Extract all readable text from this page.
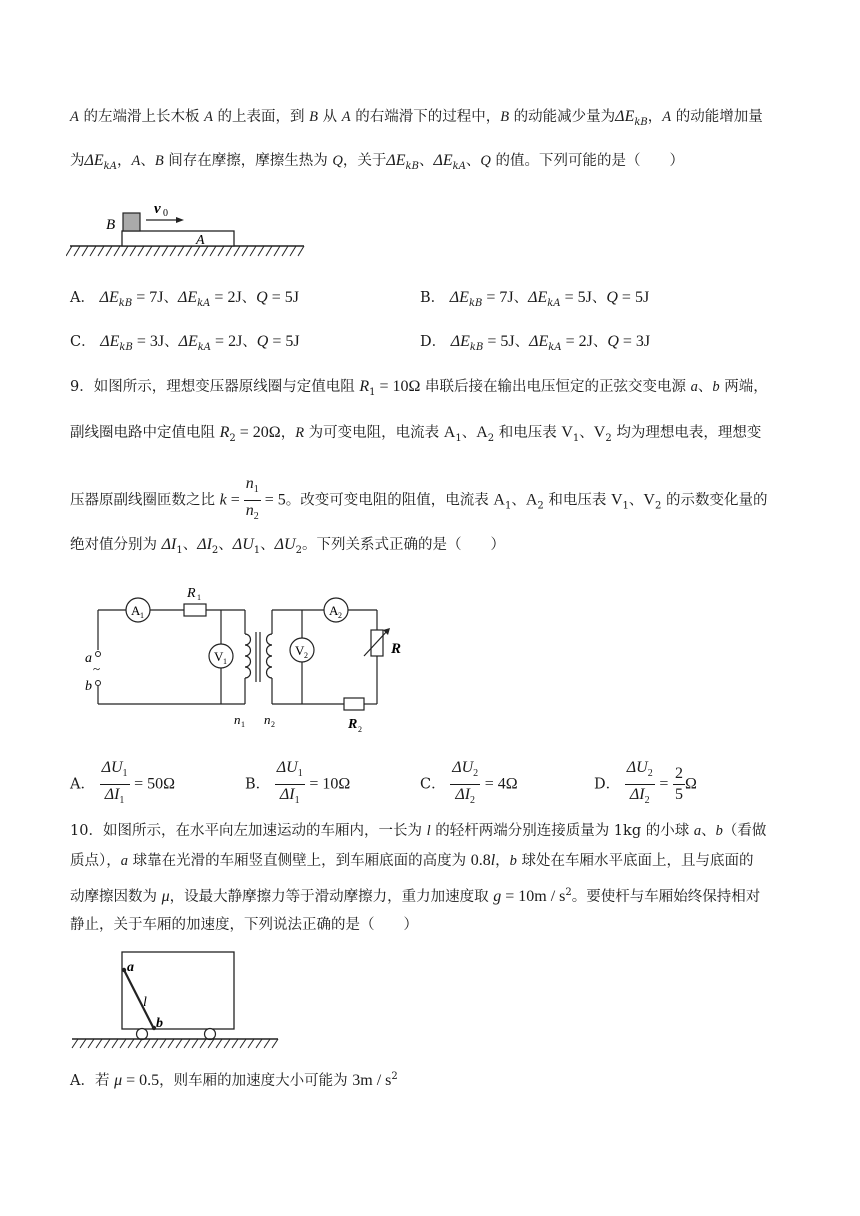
A 的左端滑上长木板 A 的上表面，到 B 从 A 的右端滑下的过程中，B 的动能减少量为$\Delta E_{kB}$，A 的动能增加量
为$\Delta E_{kA}$，A、B 间存在摩擦，摩擦生热为 Q，关于$\Delta E_{kB}$、$\Delta E_{kA}$、Q 的值。下列可能的是（　　）
B
v 0
A
A． $\Delta E_{kB} = 7J$、$\Delta E_{kA} = 2J$、Q = 5J	B． $\Delta E_{kB} = 7J$、$\Delta E_{kA} = 5J$、Q = 5J
C． $\Delta E_{kB} = 3J$、$\Delta E_{kA} = 2J$、Q = 5J	D． $\Delta E_{kB} = 5J$、$\Delta E_{kA} = 2J$、Q = 3J
9．如图所示，理想变压器原线圈与定值电阻 $R_1 = 10\Omega$ 串联后接在输出电压恒定的正弦交变电源 a、b 两端，
副线圈电路中定值电阻 $R_2 = 20\Omega$，R 为可变电阻，电流表 $A_1$、$A_2$ 和电压表 $V_1$、$V_2$ 均为理想电表，理想变
压器原副线圈匝数之比 $k = \frac{n_1}{n_2} = 5$。改变可变电阻的阻值，电流表 $A_1$、$A_2$ 和电压表 $V_1$、$V_2$ 的示数变化量的
绝对值分别为 $\Delta I_1$、$\Delta I_2$、$\Delta U_1$、$\Delta U_2$。下列关系式正确的是（　　）
A 1
R 1
V 1
a
~
b
V 2
A 2
R
R 2
n 1 n 2
A． $\frac{\Delta U_1}{\Delta I_1} = 50\Omega$	B． $\frac{\Delta U_1}{\Delta I_1} = 10\Omega$	C． $\frac{\Delta U_2}{\Delta I_2} = 4\Omega$	D． $\frac{\Delta U_2}{\Delta I_2} = \frac{2}{5}$ Ω
10．如图所示，在水平向左加速运动的车厢内，一长为 l 的轻杆两端分别连接质量为 1kg 的小球 a、b（看做
质点），a 球靠在光滑的车厢竖直侧壁上，到车厢底面的高度为 0.8l，b 球处在车厢水平底面上，且与底面的
动摩擦因数为 μ，设最大静摩擦力等于滑动摩擦力，重力加速度取 $g = 10m / s^2$。要使杆与车厢始终保持相对
静止，关于车厢的加速度，下列说法正确的是（　　）
a
l
b
A．若 μ = 0.5，则车厢的加速度大小可能为 $3m / s^2$
